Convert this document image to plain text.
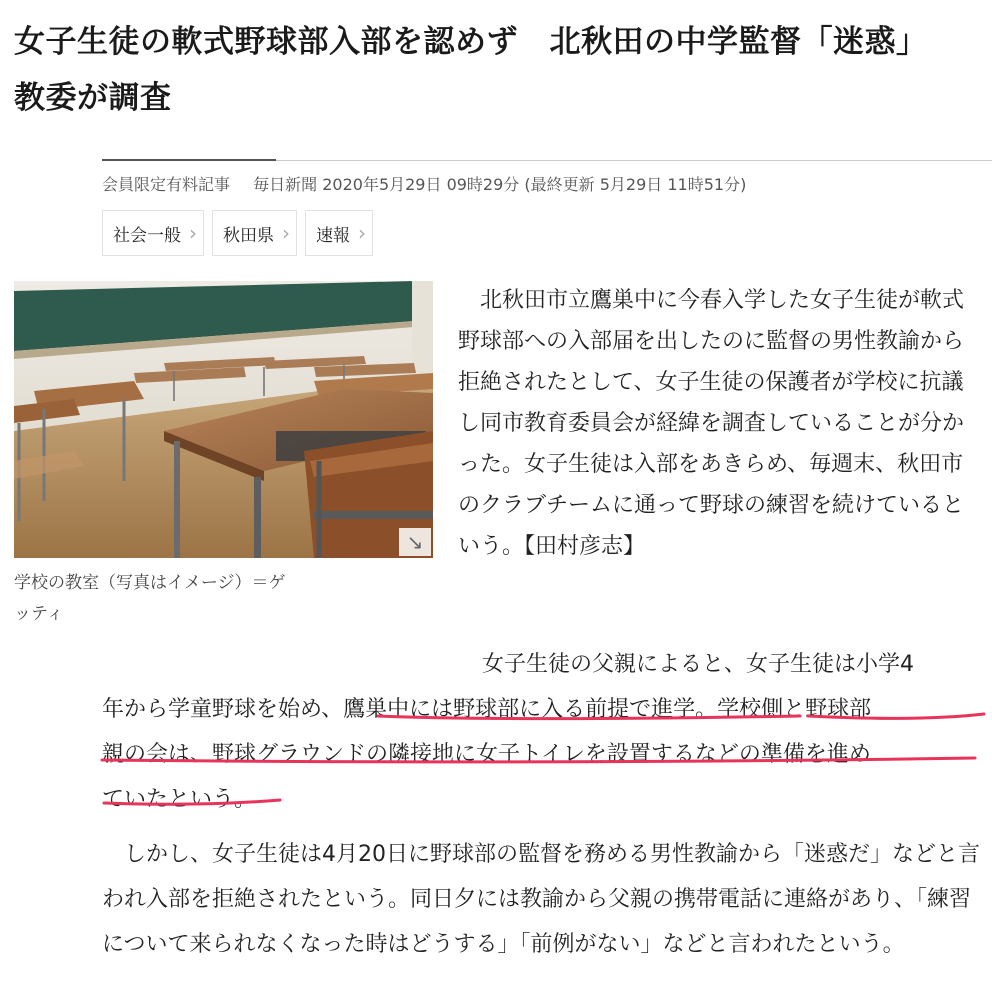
女子生徒の軟式野球部入部を認めず　北秋田の中学監督「迷惑」
教委が調査
会員限定有料記事 毎日新聞 2020年5月29日 09時29分 (最終更新 5月29日 11時51分)
社会一般 › 秋田県 › 速報 ›
↘
学校の教室（写真はイメージ）＝ゲ
ッティ

北秋田市立鷹巣中に今春入学した女子生徒が軟式野球部への入部届を出したのに監督の男性教諭から拒絶されたとして、女子生徒の保護者が学校に抗議し同市教育委員会が経緯を調査していることが分かった。女子生徒は入部をあきらめ、毎週末、秋田市のクラブチームに通って野球の練習を続けているという。【田村彦志】

女子生徒の父親によると、女子生徒は小学4
年から学童野球を始め、鷹巣中には野球部に入る前提で進学。学校側と野球部
親の会は、野球グラウンドの隣接地に女子トイレを設置するなどの準備を進め
ていたという。

しかし、女子生徒は4月20日に野球部の監督を務める男性教諭から「迷惑だ」などと言われ入部を拒絶されたという。同日夕には教諭から父親の携帯電話に連絡があり、「練習について来られなくなった時はどうする」「前例がない」などと言われたという。
